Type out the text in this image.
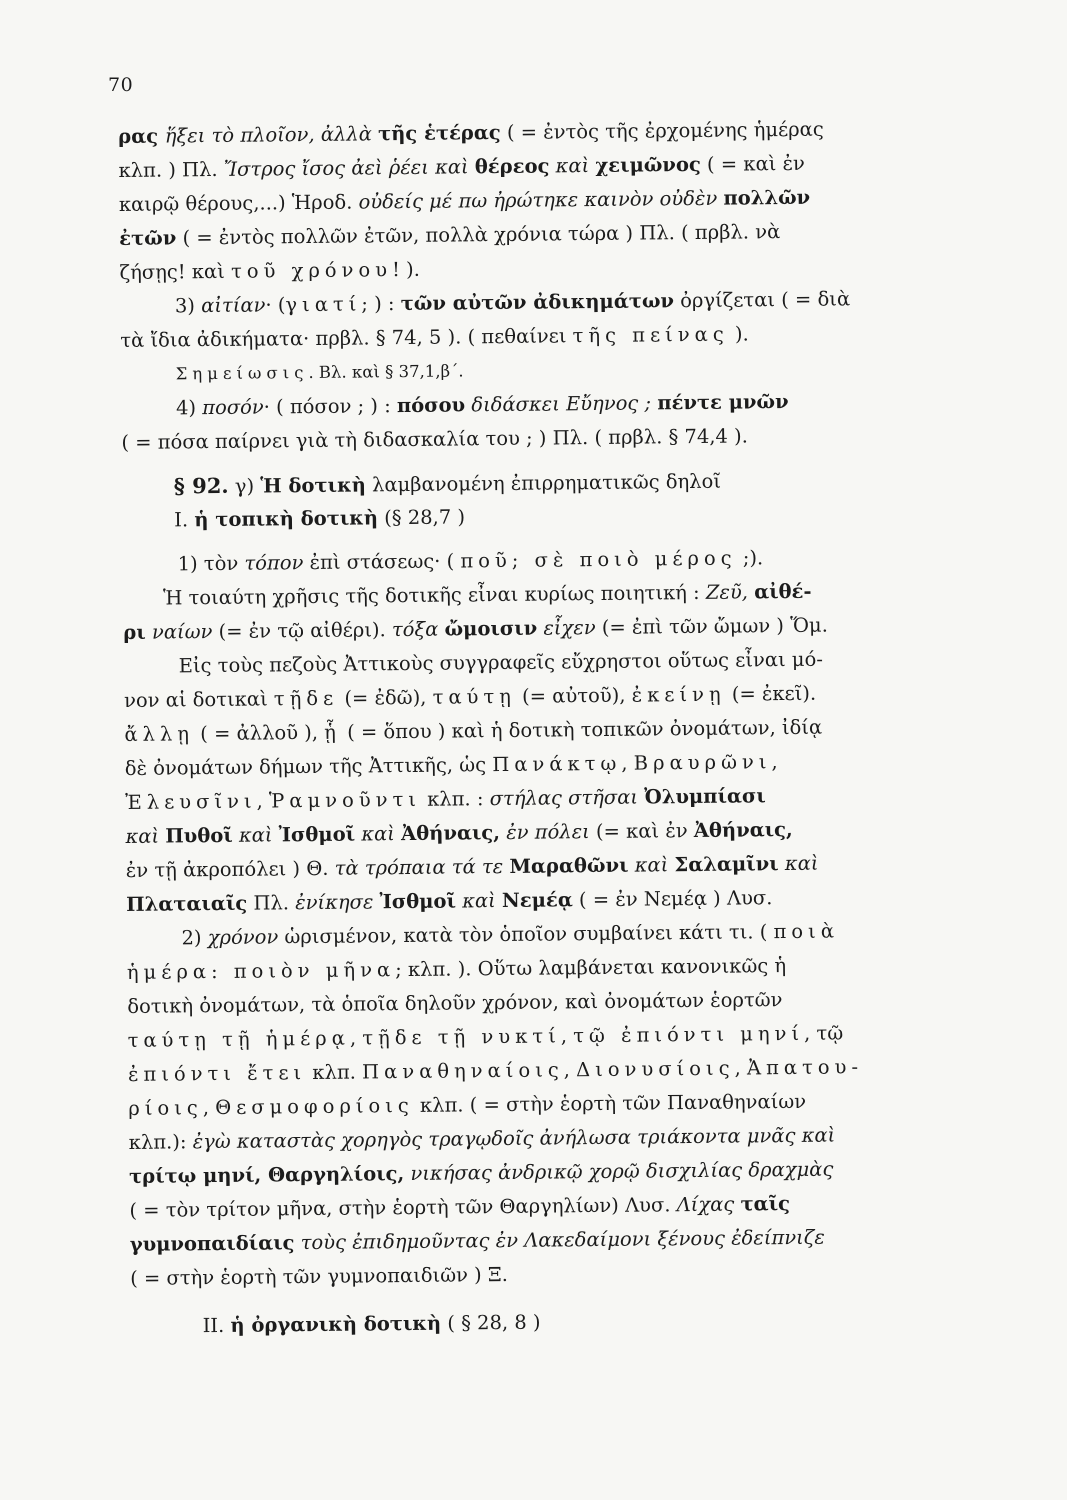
70
ρας ἥξει τὸ πλοῖον, ἀλλὰ τῆς ἑτέρας ( = ἐντὸς τῆς ἐρχομένης ἡμέρας
κλπ. ) Πλ. Ἴστρος ἴσος ἀεὶ ῥέει καὶ θέρεος καὶ χειμῶνος ( = καὶ ἐν
καιρῷ θέρους,...) Ἡροδ. οὐδείς μέ πω ἠρώτηκε καινὸν οὐδὲν πολλῶν
ἐτῶν ( = ἐντὸς πολλῶν ἐτῶν, πολλὰ χρόνια τώρα ) Πλ. ( πρβλ. νὰ
ζήσῃς! καὶ τοῦ χρόνου! ).
3) αἰτίαν· (γιατί; ) : τῶν αὐτῶν ἀδικημάτων ὀργίζεται ( = διὰ
τὰ ἴδια ἀδικήματα· πρβλ. § 74, 5 ). ( πεθαίνει τῆς πείνας ).
Σημείωσις. Βλ. καὶ § 37,1,β΄.
4) ποσόν· ( πόσον ; ) : πόσου διδάσκει Εὔηνος ; πέντε μνῶν
( = πόσα παίρνει γιὰ τὴ διδασκαλία του ; ) Πλ. ( πρβλ. § 74,4 ).
§ 92. γ) Ἡ δοτικὴ λαμβανομένη ἐπιρρηματικῶς δηλοῖ
I. ἡ τοπικὴ δοτικὴ (§ 28,7 )
1) τὸν τόπον ἐπὶ στάσεως· ( ποῦ; σὲ ποιὸ μέρος ;).
Ἡ τοιαύτη χρῆσις τῆς δοτικῆς εἶναι κυρίως ποιητική : Ζεῦ, αἰθέ-
ρι ναίων (= ἐν τῷ αἰθέρι). τόξα ὤμοισιν εἶχεν (= ἐπὶ τῶν ὤμων ) Ὅμ.
Εἰς τοὺς πεζοὺς Ἀττικοὺς συγγραφεῖς εὔχρηστοι οὕτως εἶναι μό-
νον αἱ δοτικαὶ τῇδε (= ἐδῶ), ταύτῃ (= αὐτοῦ), ἐκείνῃ (= ἐκεῖ).
ἄλλῃ ( = ἀλλοῦ ), ᾗ ( = ὅπου ) καὶ ἡ δοτικὴ τοπικῶν ὀνομάτων, ἰδίᾳ
δὲ ὀνομάτων δήμων τῆς Ἀττικῆς, ὡς Πανάκτῳ, Βραυρῶνι,
Ἐλευσῖνι, Ῥαμνοῦντι κλπ. : στήλας στῆσαι Ὀλυμπίασι
καὶ Πυθοῖ καὶ Ἰσθμοῖ καὶ Ἀθήναις, ἐν πόλει (= καὶ ἐν Ἀθήναις,
ἐν τῇ ἀκροπόλει ) Θ. τὰ τρόπαια τά τε Μαραθῶνι καὶ Σαλαμῖνι καὶ
Πλαταιαῖς Πλ. ἐνίκησε Ἰσθμοῖ καὶ Νεμέᾳ ( = ἐν Νεμέᾳ ) Λυσ.
2) χρόνον ὡρισμένον, κατὰ τὸν ὁποῖον συμβαίνει κάτι τι. ( ποιὰ
ἡμέρα: ποιὸν μῆνα; κλπ. ). Οὕτω λαμβάνεται κανονικῶς ἡ
δοτικὴ ὀνομάτων, τὰ ὁποῖα δηλοῦν χρόνον, καὶ ὀνομάτων ἑορτῶν
ταύτῃ τῇ ἡμέρᾳ, τῇδε τῇ νυκτί, τῷ ἐπιόντι μηνί, τῷ
ἐπιόντι ἔτει κλπ. Παναθηναίοις, Διονυσίοις, Ἀπατου-
ρίοις, Θεσμοφορίοις κλπ. ( = στὴν ἑορτὴ τῶν Παναθηναίων
κλπ.): ἐγὼ καταστὰς χορηγὸς τραγῳδοῖς ἀνήλωσα τριάκοντα μνᾶς καὶ
τρίτῳ μηνί, Θαργηλίοις, νικήσας ἀνδρικῷ χορῷ δισχιλίας δραχμὰς
( = τὸν τρίτον μῆνα, στὴν ἑορτὴ τῶν Θαργηλίων) Λυσ. Λίχας ταῖς
γυμνοπαιδίαις τοὺς ἐπιδημοῦντας ἐν Λακεδαίμονι ξένους ἐδείπνιζε
( = στὴν ἑορτὴ τῶν γυμνοπαιδιῶν ) Ξ.
II. ἡ ὀργανικὴ δοτικὴ ( § 28, 8 )
